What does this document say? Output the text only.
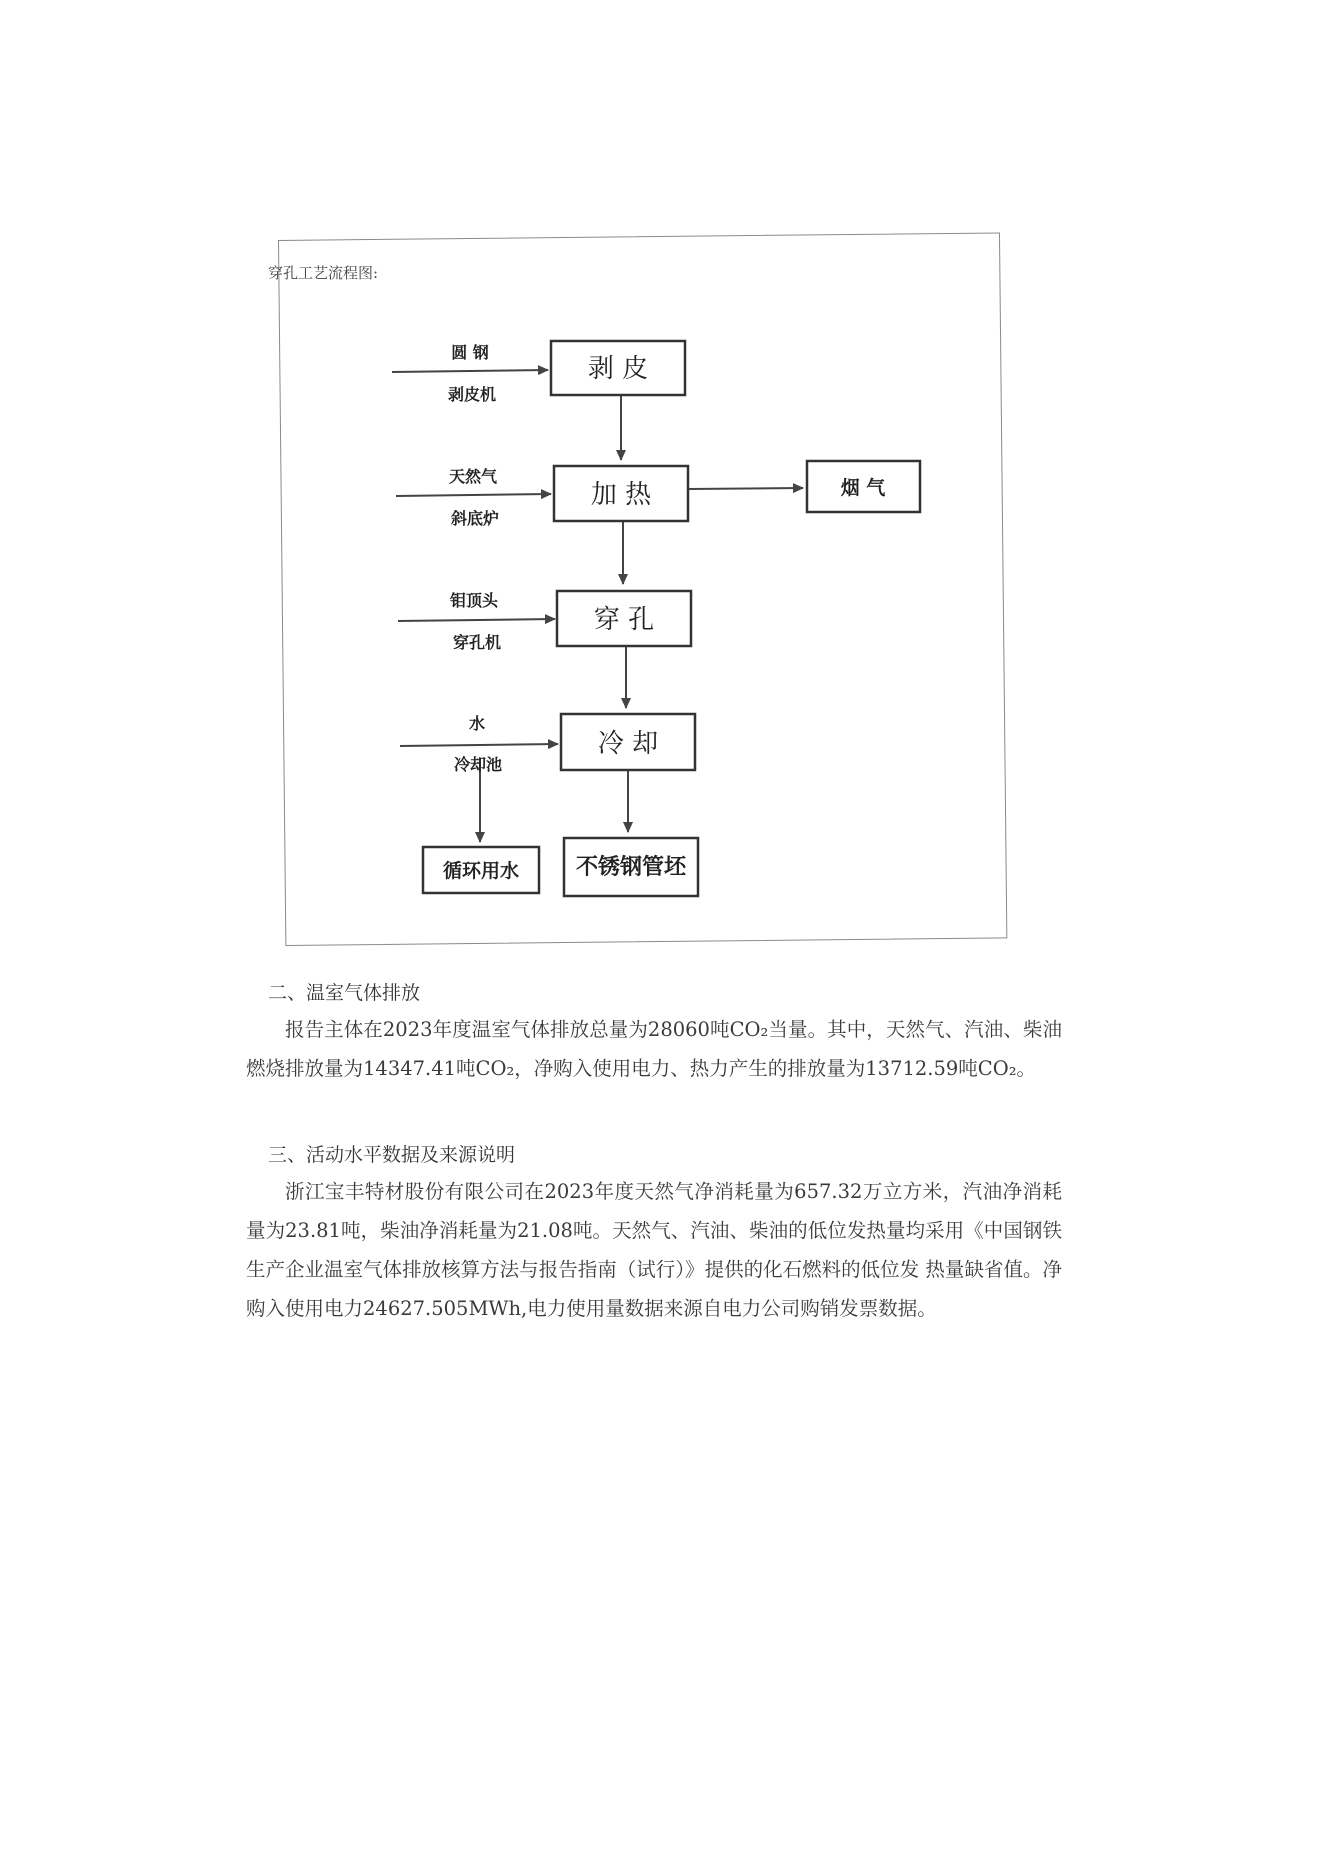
穿孔工艺流程图:
剥 皮
加 热
穿 孔
冷 却
烟 气
循环用水	不锈钢管坯
圆 钢
剥皮机
天然气
斜底炉
钼顶头
穿孔机
水
冷却池
二、温室气体排放
报告主体在2023年度温室气体排放总量为28060吨CO₂当量。其中，天然气、汽油、柴油燃烧排放量为14347.41吨CO₂，净购入使用电力、热力产生的排放量为13712.59吨CO₂。
三、活动水平数据及来源说明
浙江宝丰特材股份有限公司在2023年度天然气净消耗量为657.32万立方米，汽油净消耗量为23.81吨，柴油净消耗量为21.08吨。天然气、汽油、柴油的低位发热量均采用《中国钢铁生产企业温室气体排放核算方法与报告指南（试行）》提供的化石燃料的低位发 热量缺省值。净购入使用电力24627.505MWh,电力使用量数据来源自电力公司购销发票数据。
